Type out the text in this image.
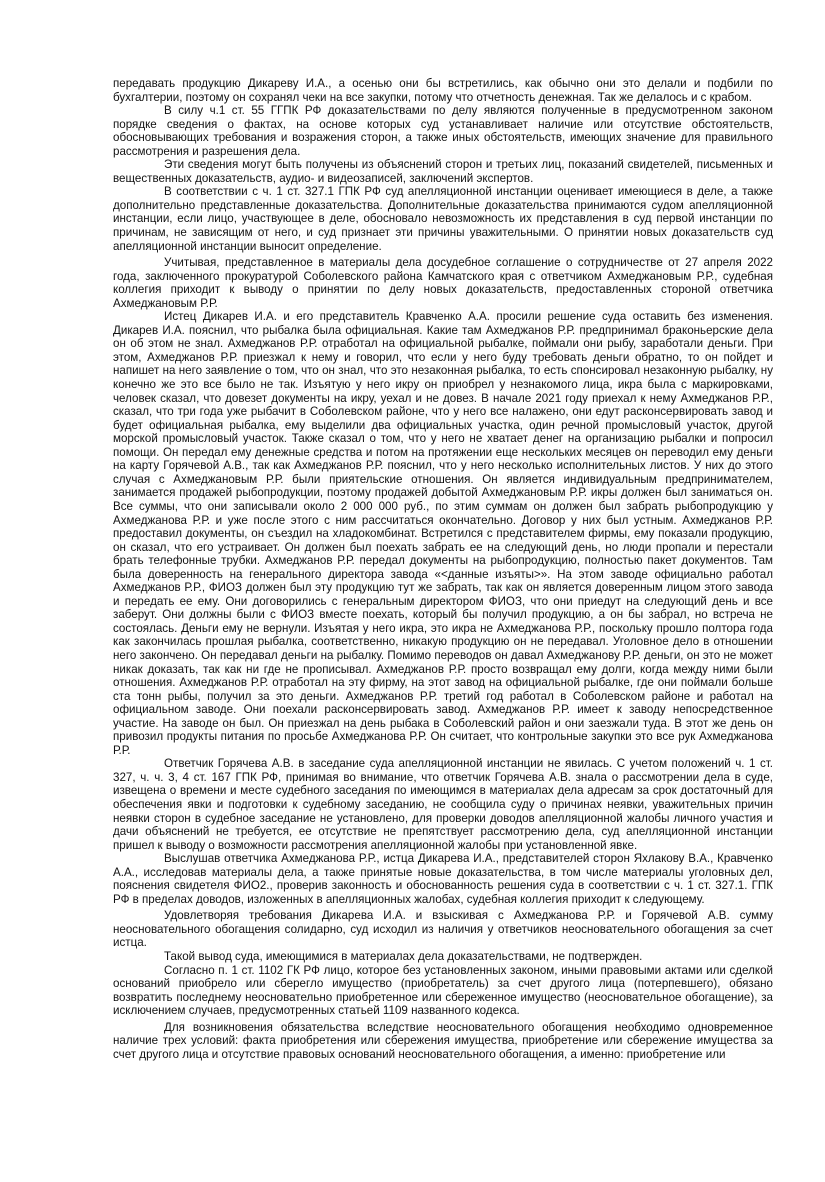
передавать продукцию Дикареву И.А., а осенью они бы встретились, как обычно они это делали и подбили по бухгалтерии, поэтому он сохранял чеки на все закупки, потому что отчетность денежная. Так же делалось и с крабом.

В силу ч.1 ст. 55 ГГПК РФ доказательствами по делу являются полученные в предусмотренном законом порядке сведения о фактах, на основе которых суд устанавливает наличие или отсутствие обстоятельств, обосновывающих требования и возражения сторон, а также иных обстоятельств, имеющих значение для правильного рассмотрения и разрешения дела.

Эти сведения могут быть получены из объяснений сторон и третьих лиц, показаний свидетелей, письменных и вещественных доказательств, аудио- и видеозаписей, заключений экспертов.

В соответствии с ч. 1 ст. 327.1 ГПК РФ суд апелляционной инстанции оценивает имеющиеся в деле, а также дополнительно представленные доказательства. Дополнительные доказательства принимаются судом апелляционной инстанции, если лицо, участвующее в деле, обосновало невозможность их представления в суд первой инстанции по причинам, не зависящим от него, и суд признает эти причины уважительными. О принятии новых доказательств суд апелляционной инстанции выносит определение.

Учитывая, представленное в материалы дела досудебное соглашение о сотрудничестве от 27 апреля 2022 года, заключенного прокуратурой Соболевского района Камчатского края с ответчиком Ахмеджановым Р.Р., судебная коллегия приходит к выводу о принятии по делу новых доказательств, предоставленных стороной ответчика Ахмеджановым Р.Р.

Истец Дикарев И.А. и его представитель Кравченко А.А. просили решение суда оставить без изменения. Дикарев И.А. пояснил, что рыбалка была официальная. Какие там Ахмеджанов Р.Р. предпринимал браконьерские дела он об этом не знал. Ахмеджанов Р.Р. отработал на официальной рыбалке, поймали они рыбу, заработали деньги. При этом, Ахмеджанов Р.Р. приезжал к нему и говорил, что если у него буду требовать деньги обратно, то он пойдет и напишет на него заявление о том, что он знал, что это незаконная рыбалка, то есть спонсировал незаконную рыбалку, ну конечно же это все было не так. Изъятую у него икру он приобрел у незнакомого лица, икра была с маркировками, человек сказал, что довезет документы на икру, уехал и не довез. В начале 2021 году приехал к нему Ахмеджанов Р.Р., сказал, что три года уже рыбачит в Соболевском районе, что у него все налажено, они едут расконсервировать завод и будет официальная рыбалка, ему выделили два официальных участка, один речной промысловый участок, другой морской промысловый участок. Также сказал о том, что у него не хватает денег на организацию рыбалки и попросил помощи. Он передал ему денежные средства и потом на протяжении еще нескольких месяцев он переводил ему деньги на карту Горячевой А.В., так как Ахмеджанов Р.Р. пояснил, что у него несколько исполнительных листов. У них до этого случая с Ахмеджановым Р.Р. были приятельские отношения. Он является индивидуальным предпринимателем, занимается продажей рыбопродукции, поэтому продажей добытой Ахмеджановым Р.Р. икры должен был заниматься он. Все суммы, что они записывали около 2 000 000 руб., по этим суммам он должен был забрать рыбопродукцию у Ахмеджанова Р.Р. и уже после этого с ним рассчитаться окончательно. Договор у них был устным. Ахмеджанов Р.Р. предоставил документы, он съездил на хладокомбинат. Встретился с представителем фирмы, ему показали продукцию, он сказал, что его устраивает. Он должен был поехать забрать ее на следующий день, но люди пропали и перестали брать телефонные трубки. Ахмеджанов Р.Р. передал документы на рыбопродукцию, полностью пакет документов. Там была доверенность на генерального директора завода «<данные изъяты>». На этом заводе официально работал Ахмеджанов Р.Р., ФИОЗ должен был эту продукцию тут же забрать, так как он является доверенным лицом этого завода и передать ее ему. Они договорились с генеральным директором ФИОЗ, что они приедут на следующий день и все заберут. Они должны были с ФИОЗ вместе поехать, который бы получил продукцию, а он бы забрал, но встреча не состоялась. Деньги ему не вернули. Изъятая у него икра, это икра не Ахмеджанова Р.Р., поскольку прошло полтора года как закончилась прошлая рыбалка, соответственно, никакую продукцию он не передавал. Уголовное дело в отношении него закончено. Он передавал деньги на рыбалку. Помимо переводов он давал Ахмеджанову Р.Р. деньги, он это не может никак доказать, так как ни где не прописывал. Ахмеджанов Р.Р. просто возвращал ему долги, когда между ними были отношения. Ахмеджанов Р.Р. отработал на эту фирму, на этот завод на официальной рыбалке, где они поймали больше ста тонн рыбы, получил за это деньги. Ахмеджанов Р.Р. третий год работал в Соболевском районе и работал на официальном заводе. Они поехали расконсервировать завод. Ахмеджанов Р.Р. имеет к заводу непосредственное участие. На заводе он был. Он приезжал на день рыбака в Соболевский район и они заезжали туда. В этот же день он привозил продукты питания по просьбе Ахмеджанова Р.Р. Он считает, что контрольные закупки это все рук Ахмеджанова Р.Р.

Ответчик Горячева А.В. в заседание суда апелляционной инстанции не явилась. С учетом положений ч. 1 ст. 327, ч. ч. 3, 4 ст. 167 ГПК РФ, принимая во внимание, что ответчик Горячева А.В. знала о рассмотрении дела в суде, извещена о времени и месте судебного заседания по имеющимся в материалах дела адресам за срок достаточный для обеспечения явки и подготовки к судебному заседанию, не сообщила суду о причинах неявки, уважительных причин неявки сторон в судебное заседание не установлено, для проверки доводов апелляционной жалобы личного участия и дачи объяснений не требуется, ее отсутствие не препятствует рассмотрению дела, суд апелляционной инстанции пришел к выводу о возможности рассмотрения апелляционной жалобы при установленной явке.

Выслушав ответчика Ахмеджанова Р.Р., истца Дикарева И.А., представителей сторон Яхлакову В.А., Кравченко А.А., исследовав материалы дела, а также принятые новые доказательства, в том числе материалы уголовных дел, пояснения свидетеля ФИО2., проверив законность и обоснованность решения суда в соответствии с ч. 1 ст. 327.1. ГПК РФ в пределах доводов, изложенных в апелляционных жалобах, судебная коллегия приходит к следующему.

Удовлетворяя требования Дикарева И.А. и взыскивая с Ахмеджанова Р.Р. и Горячевой А.В. сумму неосновательного обогащения солидарно, суд исходил из наличия у ответчиков неосновательного обогащения за счет истца.

Такой вывод суда, имеющимися в материалах дела доказательствами, не подтвержден.

Согласно п. 1 ст. 1102 ГК РФ лицо, которое без установленных законом, иными правовыми актами или сделкой оснований приобрело или сберегло имущество (приобретатель) за счет другого лица (потерпевшего), обязано возвратить последнему неосновательно приобретенное или сбереженное имущество (неосновательное обогащение), за исключением случаев, предусмотренных статьей 1109 названного кодекса.

Для возникновения обязательства вследствие неосновательного обогащения необходимо одновременное наличие трех условий: факта приобретения или сбережения имущества, приобретение или сбережение имущества за счет другого лица и отсутствие правовых оснований неосновательного обогащения, а именно: приобретение или
